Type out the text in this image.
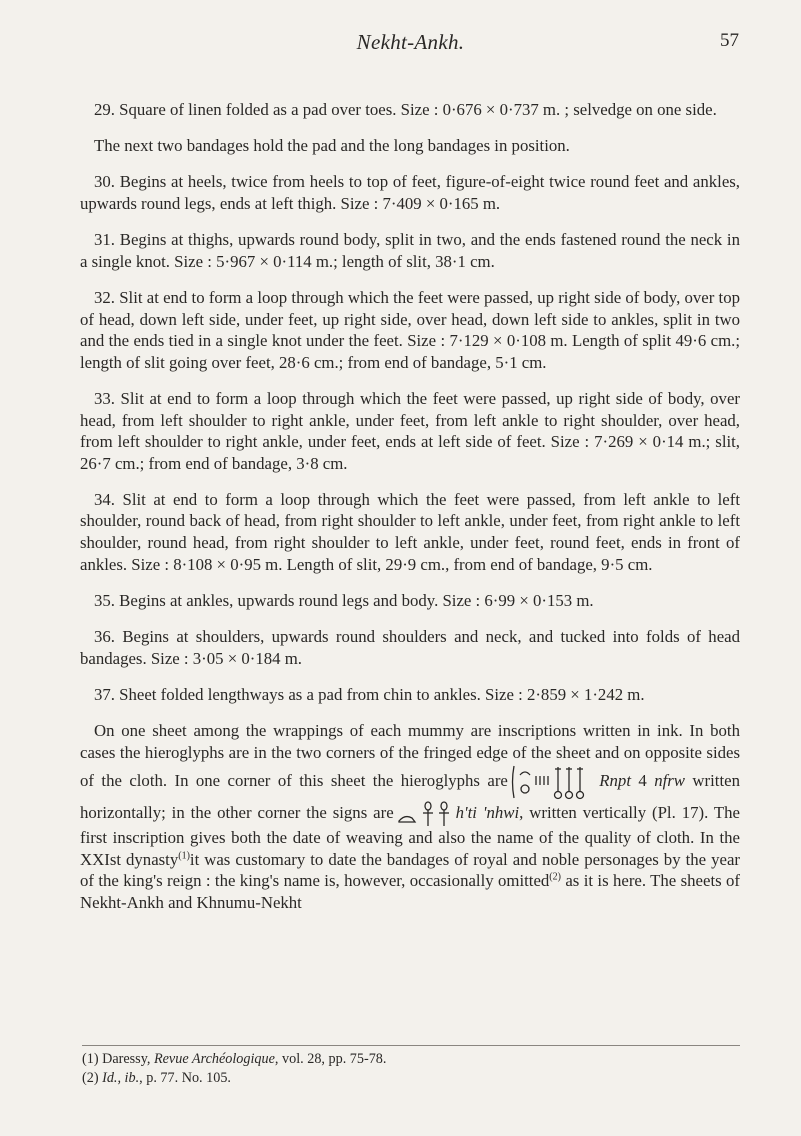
Nekht-Ankh.	57

29. Square of linen folded as a pad over toes. Size : 0·676 × 0·737 m. ; selvedge on one side.

The next two bandages hold the pad and the long bandages in position.

30. Begins at heels, twice from heels to top of feet, figure-of-eight twice round feet and ankles, upwards round legs, ends at left thigh. Size : 7·409 × 0·165 m.

31. Begins at thighs, upwards round body, split in two, and the ends fastened round the neck in a single knot. Size : 5·967 × 0·114 m.; length of slit, 38·1 cm.

32. Slit at end to form a loop through which the feet were passed, up right side of body, over top of head, down left side, under feet, up right side, over head, down left side to ankles, split in two and the ends tied in a single knot under the feet. Size : 7·129 × 0·108 m. Length of split 49·6 cm.; length of slit going over feet, 28·6 cm.; from end of bandage, 5·1 cm.

33. Slit at end to form a loop through which the feet were passed, up right side of body, over head, from left shoulder to right ankle, under feet, from left ankle to right shoulder, over head, from left shoulder to right ankle, under feet, ends at left side of feet. Size : 7·269 × 0·14 m.; slit, 26·7 cm.; from end of bandage, 3·8 cm.

34. Slit at end to form a loop through which the feet were passed, from left ankle to left shoulder, round back of head, from right shoulder to left ankle, under feet, from right ankle to left shoulder, round head, from right shoulder to left ankle, under feet, round feet, ends in front of ankles. Size : 8·108 × 0·95 m. Length of slit, 29·9 cm., from end of bandage, 9·5 cm.

35. Begins at ankles, upwards round legs and body. Size : 6·99 × 0·153 m.

36. Begins at shoulders, upwards round shoulders and neck, and tucked into folds of head bandages. Size : 3·05 × 0·184 m.

37. Sheet folded lengthways as a pad from chin to ankles. Size : 2·859 × 1·242 m.

On one sheet among the wrappings of each mummy are inscriptions written in ink. In both cases the hieroglyphs are in the two corners of the fringed edge of the sheet and on opposite sides of the cloth. In one corner of this sheet the hieroglyphs are	Rnpt 4 nfrw written horizontally; in the other corner the signs are	h'ti 'nhwi, written vertically (Pl. 17). The first inscription gives both the date of weaving and also the name of the quality of cloth. In the XXIst dynasty$^{(1)}$it was customary to date the bandages of royal and noble personages by the year of the king's reign : the king's name is, however, occasionally omitted$^{(2)}$ as it is here. The sheets of Nekht-Ankh and Khnumu-Nekht

(1) Daressy, Revue Archéologique, vol. 28, pp. 75-78.
(2) Id., ib., p. 77. No. 105.
